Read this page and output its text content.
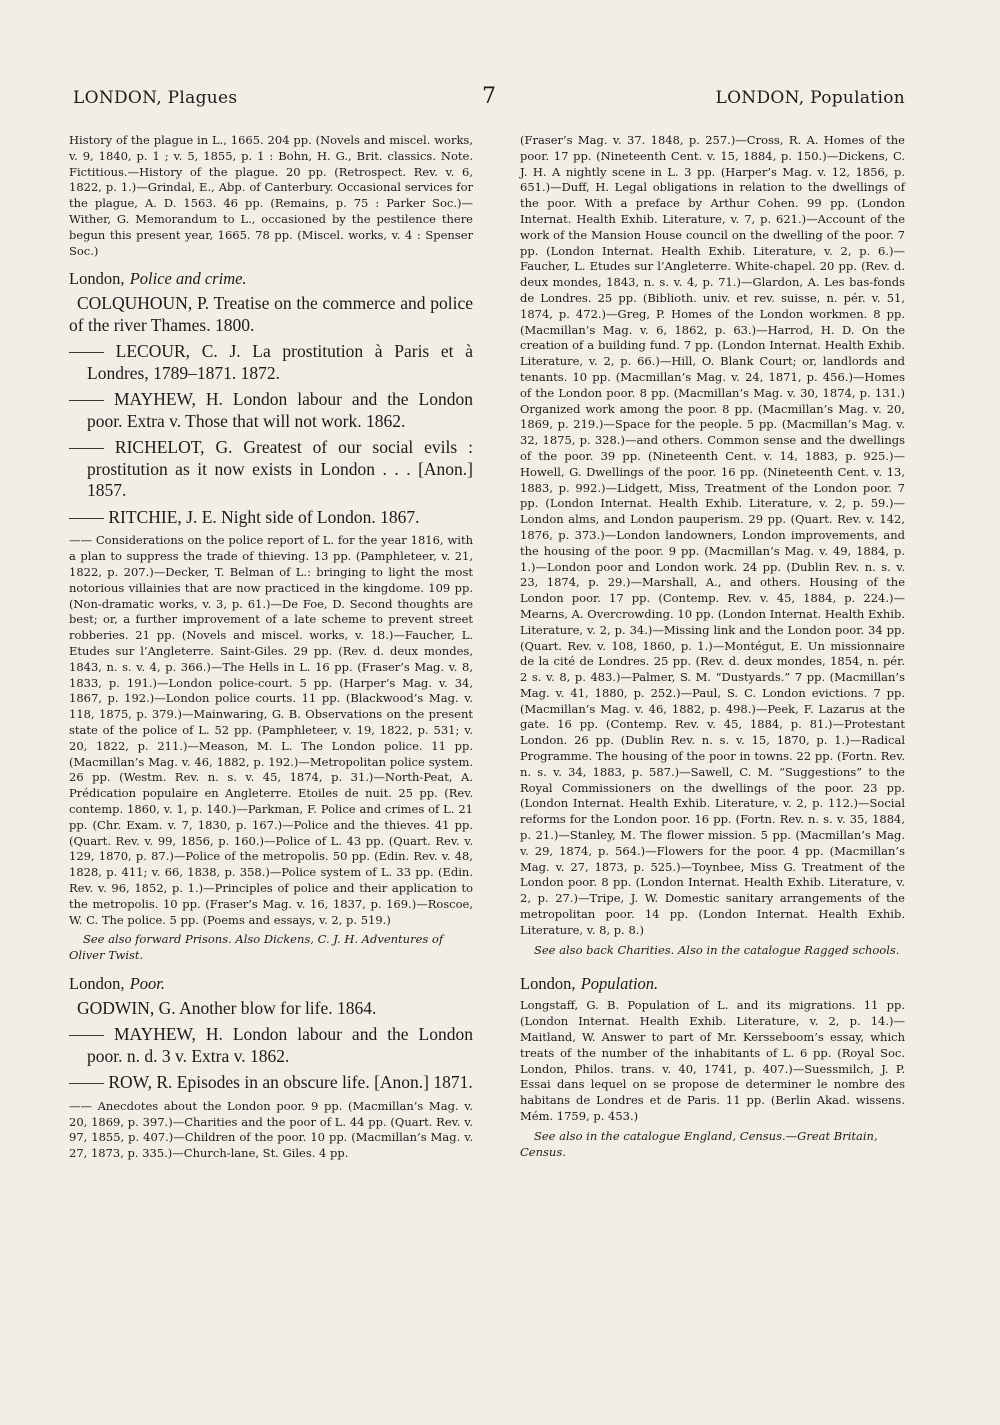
LONDON, Plagues	7	LONDON, Population

History of the plague in L., 1665. 204 pp. (Novels and miscel. works, v. 9, 1840, p. 1 ; v. 5, 1855, p. 1 : Bohn, H. G., Brit. classics. Note. Fictitious.—History of the plague. 20 pp. (Retrospect. Rev. v. 6, 1822, p. 1.)—Grindal, E., Abp. of Canterbury. Occasional services for the plague, A. D. 1563. 46 pp. (Remains, p. 75 : Parker Soc.)—Wither, G. Memorandum to L., occasioned by the pestilence there begun this present year, 1665. 78 pp. (Miscel. works, v. 4 : Spenser Soc.)

London, Police and crime.

COLQUHOUN, P. Treatise on the commerce and police of the river Thames. 1800.

—— LECOUR, C. J. La prostitution à Paris et à Londres, 1789–1871. 1872.

—— MAYHEW, H. London labour and the London poor. Extra v. Those that will not work. 1862.

—— RICHELOT, G. Greatest of our social evils : prostitution as it now exists in London . . . [Anon.] 1857.

—— RITCHIE, J. E. Night side of London. 1867.

—— Considerations on the police report of L. for the year 1816, with a plan to suppress the trade of thieving. 13 pp. (Pamphleteer, v. 21, 1822, p. 207.)—Decker, T. Belman of L.: bringing to light the most notorious villainies that are now practiced in the kingdome. 109 pp. (Non-dramatic works, v. 3, p. 61.)—De Foe, D. Second thoughts are best; or, a further improvement of a late scheme to prevent street robberies. 21 pp. (Novels and miscel. works, v. 18.)—Faucher, L. Etudes sur l’Angleterre. Saint-Giles. 29 pp. (Rev. d. deux mondes, 1843, n. s. v. 4, p. 366.)—The Hells in L. 16 pp. (Fraser’s Mag. v. 8, 1833, p. 191.)—London police-court. 5 pp. (Harper’s Mag. v. 34, 1867, p. 192.)—London police courts. 11 pp. (Blackwood’s Mag. v. 118, 1875, p. 379.)—Mainwaring, G. B. Observations on the present state of the police of L. 52 pp. (Pamphleteer, v. 19, 1822, p. 531; v. 20, 1822, p. 211.)—Meason, M. L. The London police. 11 pp. (Macmillan’s Mag. v. 46, 1882, p. 192.)—Metropolitan police system. 26 pp. (Westm. Rev. n. s. v. 45, 1874, p. 31.)—North-Peat, A. Prédication populaire en Angleterre. Etoiles de nuit. 25 pp. (Rev. contemp. 1860, v. 1, p. 140.)—Parkman, F. Police and crimes of L. 21 pp. (Chr. Exam. v. 7, 1830, p. 167.)—Police and the thieves. 41 pp. (Quart. Rev. v. 99, 1856, p. 160.)—Police of L. 43 pp. (Quart. Rev. v. 129, 1870, p. 87.)—Police of the metropolis. 50 pp. (Edin. Rev. v. 48, 1828, p. 411; v. 66, 1838, p. 358.)—Police system of L. 33 pp. (Edin. Rev. v. 96, 1852, p. 1.)—Principles of police and their application to the metropolis. 10 pp. (Fraser’s Mag. v. 16, 1837, p. 169.)—Roscoe, W. C. The police. 5 pp. (Poems and essays, v. 2, p. 519.)

See also forward Prisons. Also Dickens, C. J. H. Adventures of Oliver Twist.

London, Poor.

GODWIN, G. Another blow for life. 1864.

—— MAYHEW, H. London labour and the London poor. n. d. 3 v. Extra v. 1862.

—— ROW, R. Episodes in an obscure life. [Anon.] 1871.

—— Anecdotes about the London poor. 9 pp. (Macmillan’s Mag. v. 20, 1869, p. 397.)—Charities and the poor of L. 44 pp. (Quart. Rev. v. 97, 1855, p. 407.)—Children of the poor. 10 pp. (Macmillan’s Mag. v. 27, 1873, p. 335.)—Church-lane, St. Giles. 4 pp.

(Fraser’s Mag. v. 37. 1848, p. 257.)—Cross, R. A. Homes of the poor. 17 pp. (Nineteenth Cent. v. 15, 1884, p. 150.)—Dickens, C. J. H. A nightly scene in L. 3 pp. (Harper’s Mag. v. 12, 1856, p. 651.)—Duff, H. Legal obligations in relation to the dwellings of the poor. With a preface by Arthur Cohen. 99 pp. (London Internat. Health Exhib. Literature, v. 7, p. 621.)—Account of the work of the Mansion House council on the dwelling of the poor. 7 pp. (London Internat. Health Exhib. Literature, v. 2, p. 6.)—Faucher, L. Etudes sur l’Angleterre. White-chapel. 20 pp. (Rev. d. deux mondes, 1843, n. s. v. 4, p. 71.)—Glardon, A. Les bas-fonds de Londres. 25 pp. (Biblioth. univ. et rev. suisse, n. pér. v. 51, 1874, p. 472.)—Greg, P. Homes of the London workmen. 8 pp. (Macmillan’s Mag. v. 6, 1862, p. 63.)—Harrod, H. D. On the creation of a building fund. 7 pp. (London Internat. Health Exhib. Literature, v. 2, p. 66.)—Hill, O. Blank Court; or, landlords and tenants. 10 pp. (Macmillan’s Mag. v. 24, 1871, p. 456.)—Homes of the London poor. 8 pp. (Macmillan’s Mag. v. 30, 1874, p. 131.) Organized work among the poor. 8 pp. (Macmillan’s Mag. v. 20, 1869, p. 219.)—Space for the people. 5 pp. (Macmillan’s Mag. v. 32, 1875, p. 328.)—and others. Common sense and the dwellings of the poor. 39 pp. (Nineteenth Cent. v. 14, 1883, p. 925.)—Howell, G. Dwellings of the poor. 16 pp. (Nineteenth Cent. v. 13, 1883, p. 992.)—Lidgett, Miss, Treatment of the London poor. 7 pp. (London Internat. Health Exhib. Literature, v. 2, p. 59.)—London alms, and London pauperism. 29 pp. (Quart. Rev. v. 142, 1876, p. 373.)—London landowners, London improvements, and the housing of the poor. 9 pp. (Macmillan’s Mag. v. 49, 1884, p. 1.)—London poor and London work. 24 pp. (Dublin Rev. n. s. v. 23, 1874, p. 29.)—Marshall, A., and others. Housing of the London poor. 17 pp. (Contemp. Rev. v. 45, 1884, p. 224.)—Mearns, A. Overcrowding. 10 pp. (London Internat. Health Exhib. Literature, v. 2, p. 34.)—Missing link and the London poor. 34 pp. (Quart. Rev. v. 108, 1860, p. 1.)—Montégut, E. Un missionnaire de la cité de Londres. 25 pp. (Rev. d. deux mondes, 1854, n. pér. 2 s. v. 8, p. 483.)—Palmer, S. M. “Dustyards.” 7 pp. (Macmillan’s Mag. v. 41, 1880, p. 252.)—Paul, S. C. London evictions. 7 pp. (Macmillan’s Mag. v. 46, 1882, p. 498.)—Peek, F. Lazarus at the gate. 16 pp. (Contemp. Rev. v. 45, 1884, p. 81.)—Protestant London. 26 pp. (Dublin Rev. n. s. v. 15, 1870, p. 1.)—Radical Programme. The housing of the poor in towns. 22 pp. (Fortn. Rev. n. s. v. 34, 1883, p. 587.)—Sawell, C. M. “Suggestions” to the Royal Commissioners on the dwellings of the poor. 23 pp. (London Internat. Health Exhib. Literature, v. 2, p. 112.)—Social reforms for the London poor. 16 pp. (Fortn. Rev. n. s. v. 35, 1884, p. 21.)—Stanley, M. The flower mission. 5 pp. (Macmillan’s Mag. v. 29, 1874, p. 564.)—Flowers for the poor. 4 pp. (Macmillan’s Mag. v. 27, 1873, p. 525.)—Toynbee, Miss G. Treatment of the London poor. 8 pp. (London Internat. Health Exhib. Literature, v. 2, p. 27.)—Tripe, J. W. Domestic sanitary arrangements of the metropolitan poor. 14 pp. (London Internat. Health Exhib. Literature, v. 8, p. 8.)

See also back Charities. Also in the catalogue Ragged schools.

London, Population.

Longstaff, G. B. Population of L. and its migrations. 11 pp. (London Internat. Health Exhib. Literature, v. 2, p. 14.)—Maitland, W. Answer to part of Mr. Kersseboom’s essay, which treats of the number of the inhabitants of L. 6 pp. (Royal Soc. London, Philos. trans. v. 40, 1741, p. 407.)—Suessmilch, J. P. Essai dans lequel on se propose de determiner le nombre des habitans de Londres et de Paris. 11 pp. (Berlin Akad. wissens. Mém. 1759, p. 453.)

See also in the catalogue England, Census.—Great Britain, Census.
